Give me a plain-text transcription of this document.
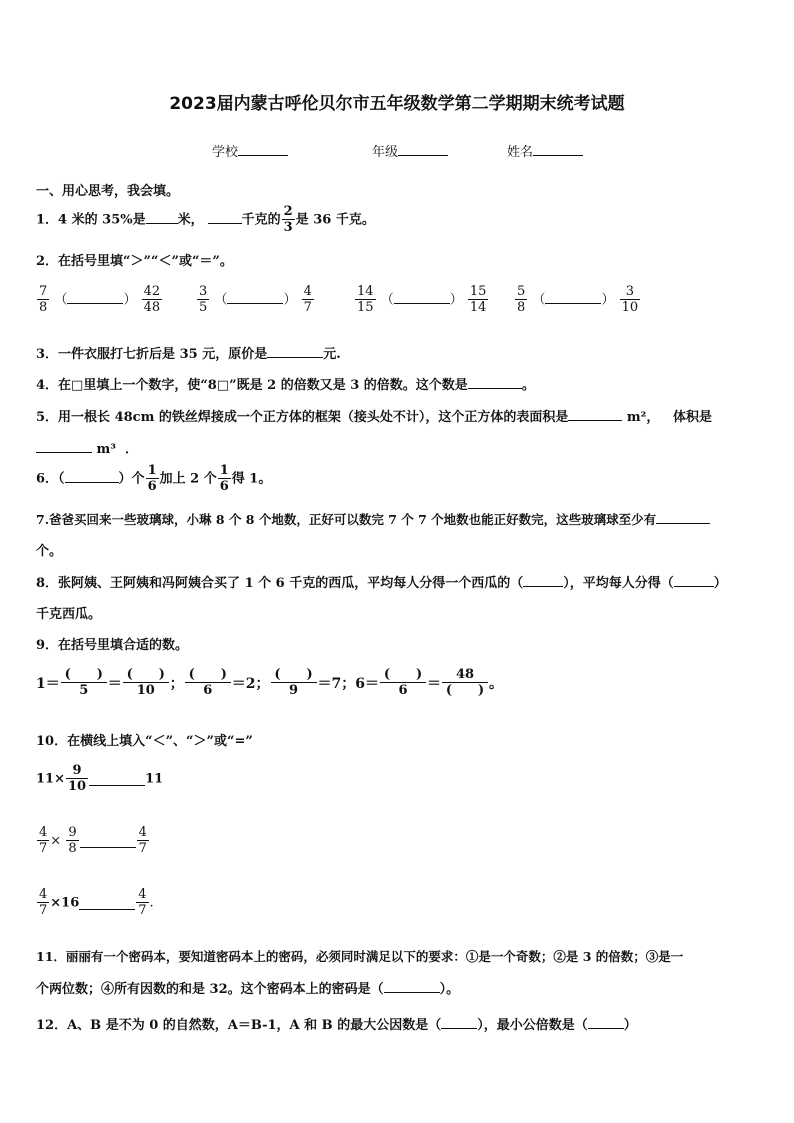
2023届内蒙古呼伦贝尔市五年级数学第二学期期末统考试题
学校	年级	姓名
一、用心思考，我会填。
1．4 米的 35%是 米，	千克的 $\frac{2}{3}$ 是 36 千克。
2．在括号里填“＞”“＜”或“＝”。
$\frac{7}{8}$ （	） $\frac{42}{48}$	$\frac{3}{5}$ （	） $\frac{4}{7}$	$\frac{14}{15}$ （	） $\frac{15}{14} \frac{5}{8}$ （	） $\frac{3}{10}$
3．一件衣服打七折后是 35 元，原价是	元.
4．在□里填上一个数字，使“8□”既是 2 的倍数又是 3 的倍数。这个数是	。
5．用一根长 48cm 的铁丝焊接成一个正方体的框架（接头处不计），这个正方体的表面积是	m²， 体积是
m³ ．
6．（	）个 $\frac{1}{6}$ 加上 2 个 $\frac{1}{6}$ 得 1。
7.爸爸买回来一些玻璃球，小琳 8 个 8 个地数，正好可以数完 7 个 7 个地数也能正好数完，这些玻璃球至少有
个。
8．张阿姨、王阿姨和冯阿姨合买了 1 个 6 千克的西瓜，平均每人分得一个西瓜的（	），平均每人分得（	）
千克西瓜。
9．在括号里填合适的数。
$1= \frac{( )}{5} = \frac{( )}{10}$ ； $\frac{( )}{6} =2$； $\frac{( )}{9} =7$；$6= \frac{( )}{6} = \frac{48}{( )}$ 。
10．在横线上填入“＜”、“＞”或“=”
$11\times \frac{9}{10}$	11
$\frac{4}{7} \times \frac{9}{8}$	$\frac{4}{7}$
$\frac{4}{7} \times 16$	$\frac{4}{7}$ .
11．丽丽有一个密码本，要知道密码本上的密码，必须同时满足以下的要求：①是一个奇数；②是 3 的倍数；③是一
个两位数；④所有因数的和是 32。这个密码本上的密码是（	）。
12．A、B 是不为 0 的自然数，A＝B-1，A 和 B 的最大公因数是（	），最小公倍数是（	）
